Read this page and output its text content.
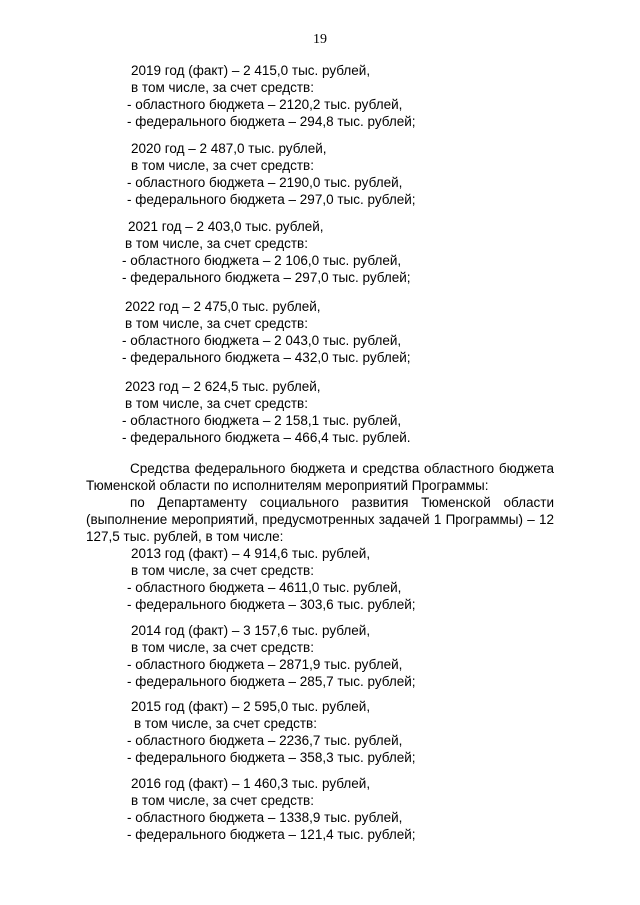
19
2019 год (факт) – 2 415,0 тыс. рублей,
в том числе, за счет средств:
- областного бюджета – 2120,2 тыс. рублей,
- федерального бюджета – 294,8 тыс. рублей;
2020 год – 2 487,0 тыс. рублей,
в том числе, за счет средств:
- областного бюджета – 2190,0 тыс. рублей,
- федерального бюджета – 297,0 тыс. рублей;
2021 год – 2 403,0 тыс. рублей,
в том числе, за счет средств:
- областного бюджета – 2 106,0 тыс. рублей,
- федерального бюджета – 297,0 тыс. рублей;
2022 год – 2 475,0 тыс. рублей,
в том числе, за счет средств:
- областного бюджета – 2 043,0 тыс. рублей,
- федерального бюджета – 432,0 тыс. рублей;
2023 год – 2 624,5 тыс. рублей,
в том числе, за счет средств:
- областного бюджета – 2 158,1 тыс. рублей,
- федерального бюджета – 466,4 тыс. рублей.
Средства федерального бюджета и средства областного бюджета
Тюменской области по исполнителям мероприятий Программы:
по Департаменту социального развития Тюменской области
(выполнение мероприятий, предусмотренных задачей 1 Программы) – 12
127,5 тыс. рублей, в том числе:
2013 год (факт) – 4 914,6 тыс. рублей,
в том числе, за счет средств:
- областного бюджета – 4611,0 тыс. рублей,
- федерального бюджета – 303,6 тыс. рублей;
2014 год (факт) – 3 157,6 тыс. рублей,
в том числе, за счет средств:
- областного бюджета – 2871,9 тыс. рублей,
- федерального бюджета – 285,7 тыс. рублей;
2015 год (факт) – 2 595,0 тыс. рублей,
в том числе, за счет средств:
- областного бюджета – 2236,7 тыс. рублей,
- федерального бюджета – 358,3 тыс. рублей;
2016 год (факт) – 1 460,3 тыс. рублей,
в том числе, за счет средств:
- областного бюджета – 1338,9 тыс. рублей,
- федерального бюджета – 121,4 тыс. рублей;
